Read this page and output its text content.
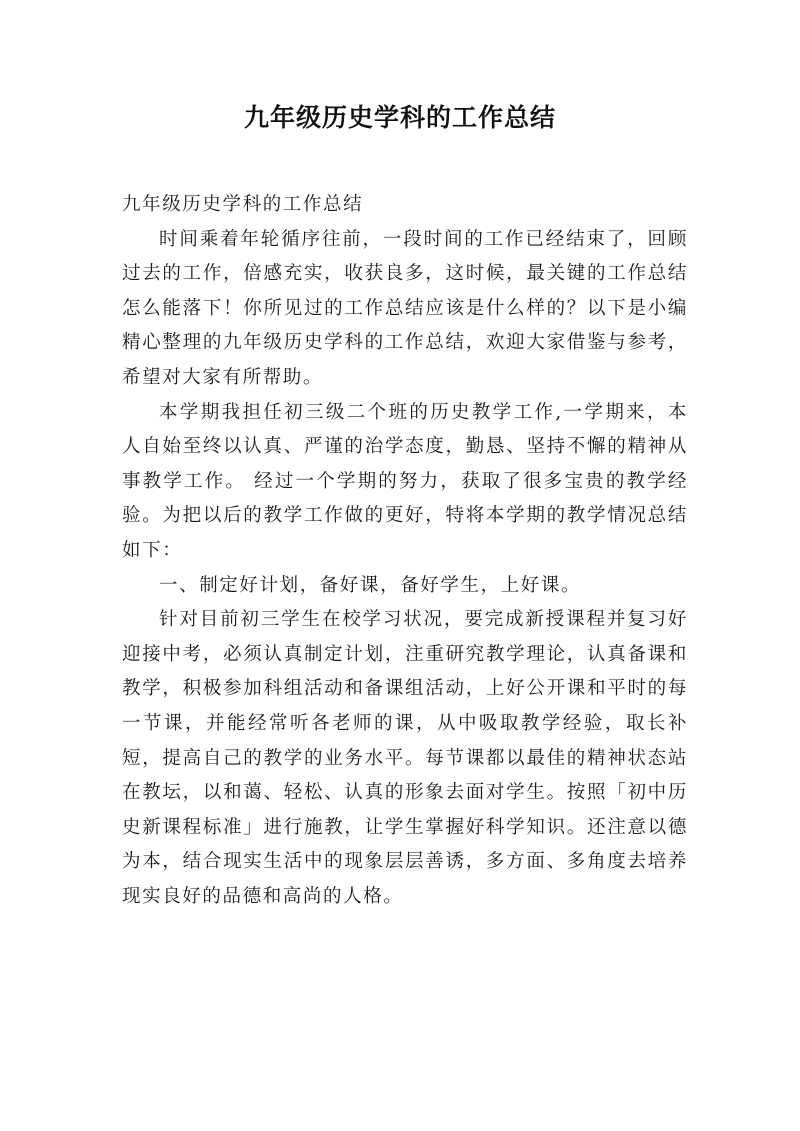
九年级历史学科的工作总结

九年级历史学科的工作总结

时间乘着年轮循序往前，一段时间的工作已经结束了，回顾过去的工作，倍感充实，收获良多，这时候，最关键的工作总结怎么能落下！你所见过的工作总结应该是什么样的？以下是小编精心整理的九年级历史学科的工作总结，欢迎大家借鉴与参考，希望对大家有所帮助。

本学期我担任初三级二个班的历史教学工作,一学期来，本人自始至终以认真、严谨的治学态度，勤恳、坚持不懈的精神从事教学工作。 经过一个学期的努力，获取了很多宝贵的教学经验。为把以后的教学工作做的更好，特将本学期的教学情况总结如下：

一、制定好计划，备好课，备好学生，上好课。

针对目前初三学生在校学习状况，要完成新授课程并复习好迎接中考，必须认真制定计划，注重研究教学理论，认真备课和教学，积极参加科组活动和备课组活动，上好公开课和平时的每一节课，并能经常听各老师的课，从中吸取教学经验，取长补短，提高自己的教学的业务水平。每节课都以最佳的精神状态站在教坛，以和蔼、轻松、认真的形象去面对学生。按照「初中历史新课程标准」进行施教，让学生掌握好科学知识。还注意以德为本，结合现实生活中的现象层层善诱，多方面、多角度去培养现实良好的品德和高尚的人格。
